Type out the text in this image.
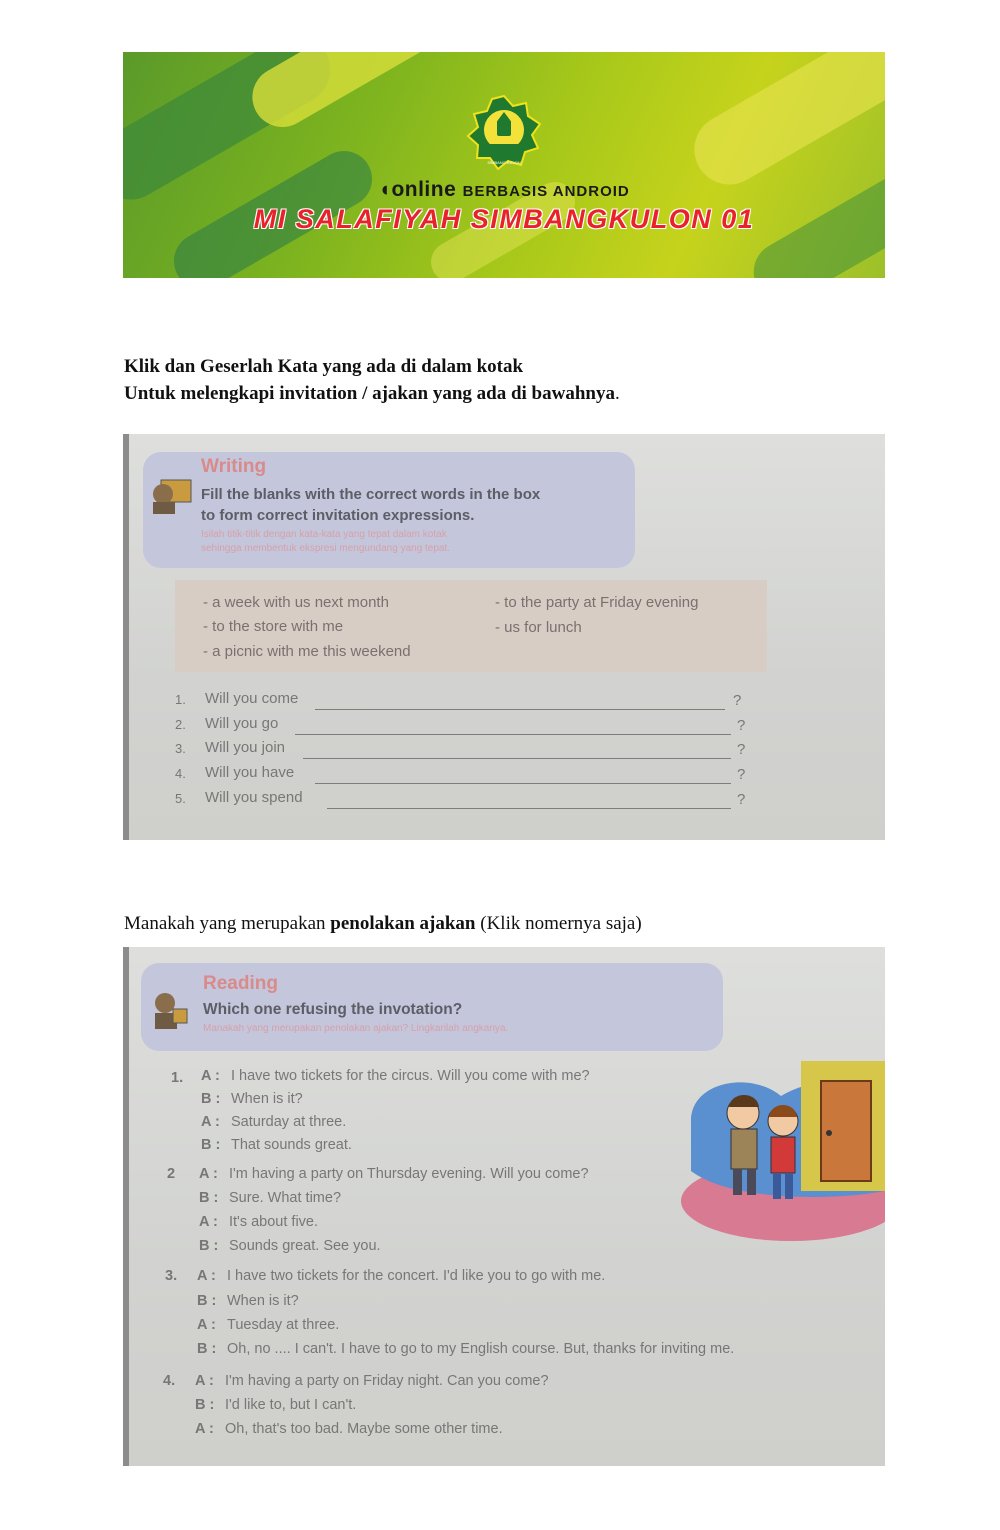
SIMBANG KULON
◖online BERBASIS ANDROID
MI SALAFIYAH SIMBANGKULON 01
Klik dan Geserlah Kata yang ada di dalam kotak
Untuk melengkapi invitation / ajakan yang ada di bawahnya.
Writing
Fill the blanks with the correct words in the box
to form correct invitation expressions.
Isilah titik-titik dengan kata-kata yang tepat dalam kotak
sehingga membentuk ekspresi mengundang yang tepat.
- a week with us next month
- to the store with me
- a picnic with me this weekend
- to the party at Friday evening
- us for lunch
1. Will you come	?
2. Will you go	?
3. Will you join	?
4. Will you have	?
5. Will you spend	?
Manakah yang merupakan penolakan ajakan (Klik nomernya saja)
Reading
Which one refusing the invotation?
Manakah yang merupakan penolakan ajakan? Lingkarilah angkanya.
1. A : I have two tickets for the circus. Will you come with me?
B : When is it?
A : Saturday at three.
B : That sounds great.
2 A : I'm having a party on Thursday evening. Will you come?
B : Sure. What time?
A : It's about five.
B : Sounds great. See you.
3. A : I have two tickets for the concert. I'd like you to go with me.
B : When is it?
A : Tuesday at three.
B : Oh, no .... I can't. I have to go to my English course. But, thanks for inviting me.
4. A : I'm having a party on Friday night. Can you come?
B : I'd like to, but I can't.
A : Oh, that's too bad. Maybe some other time.
